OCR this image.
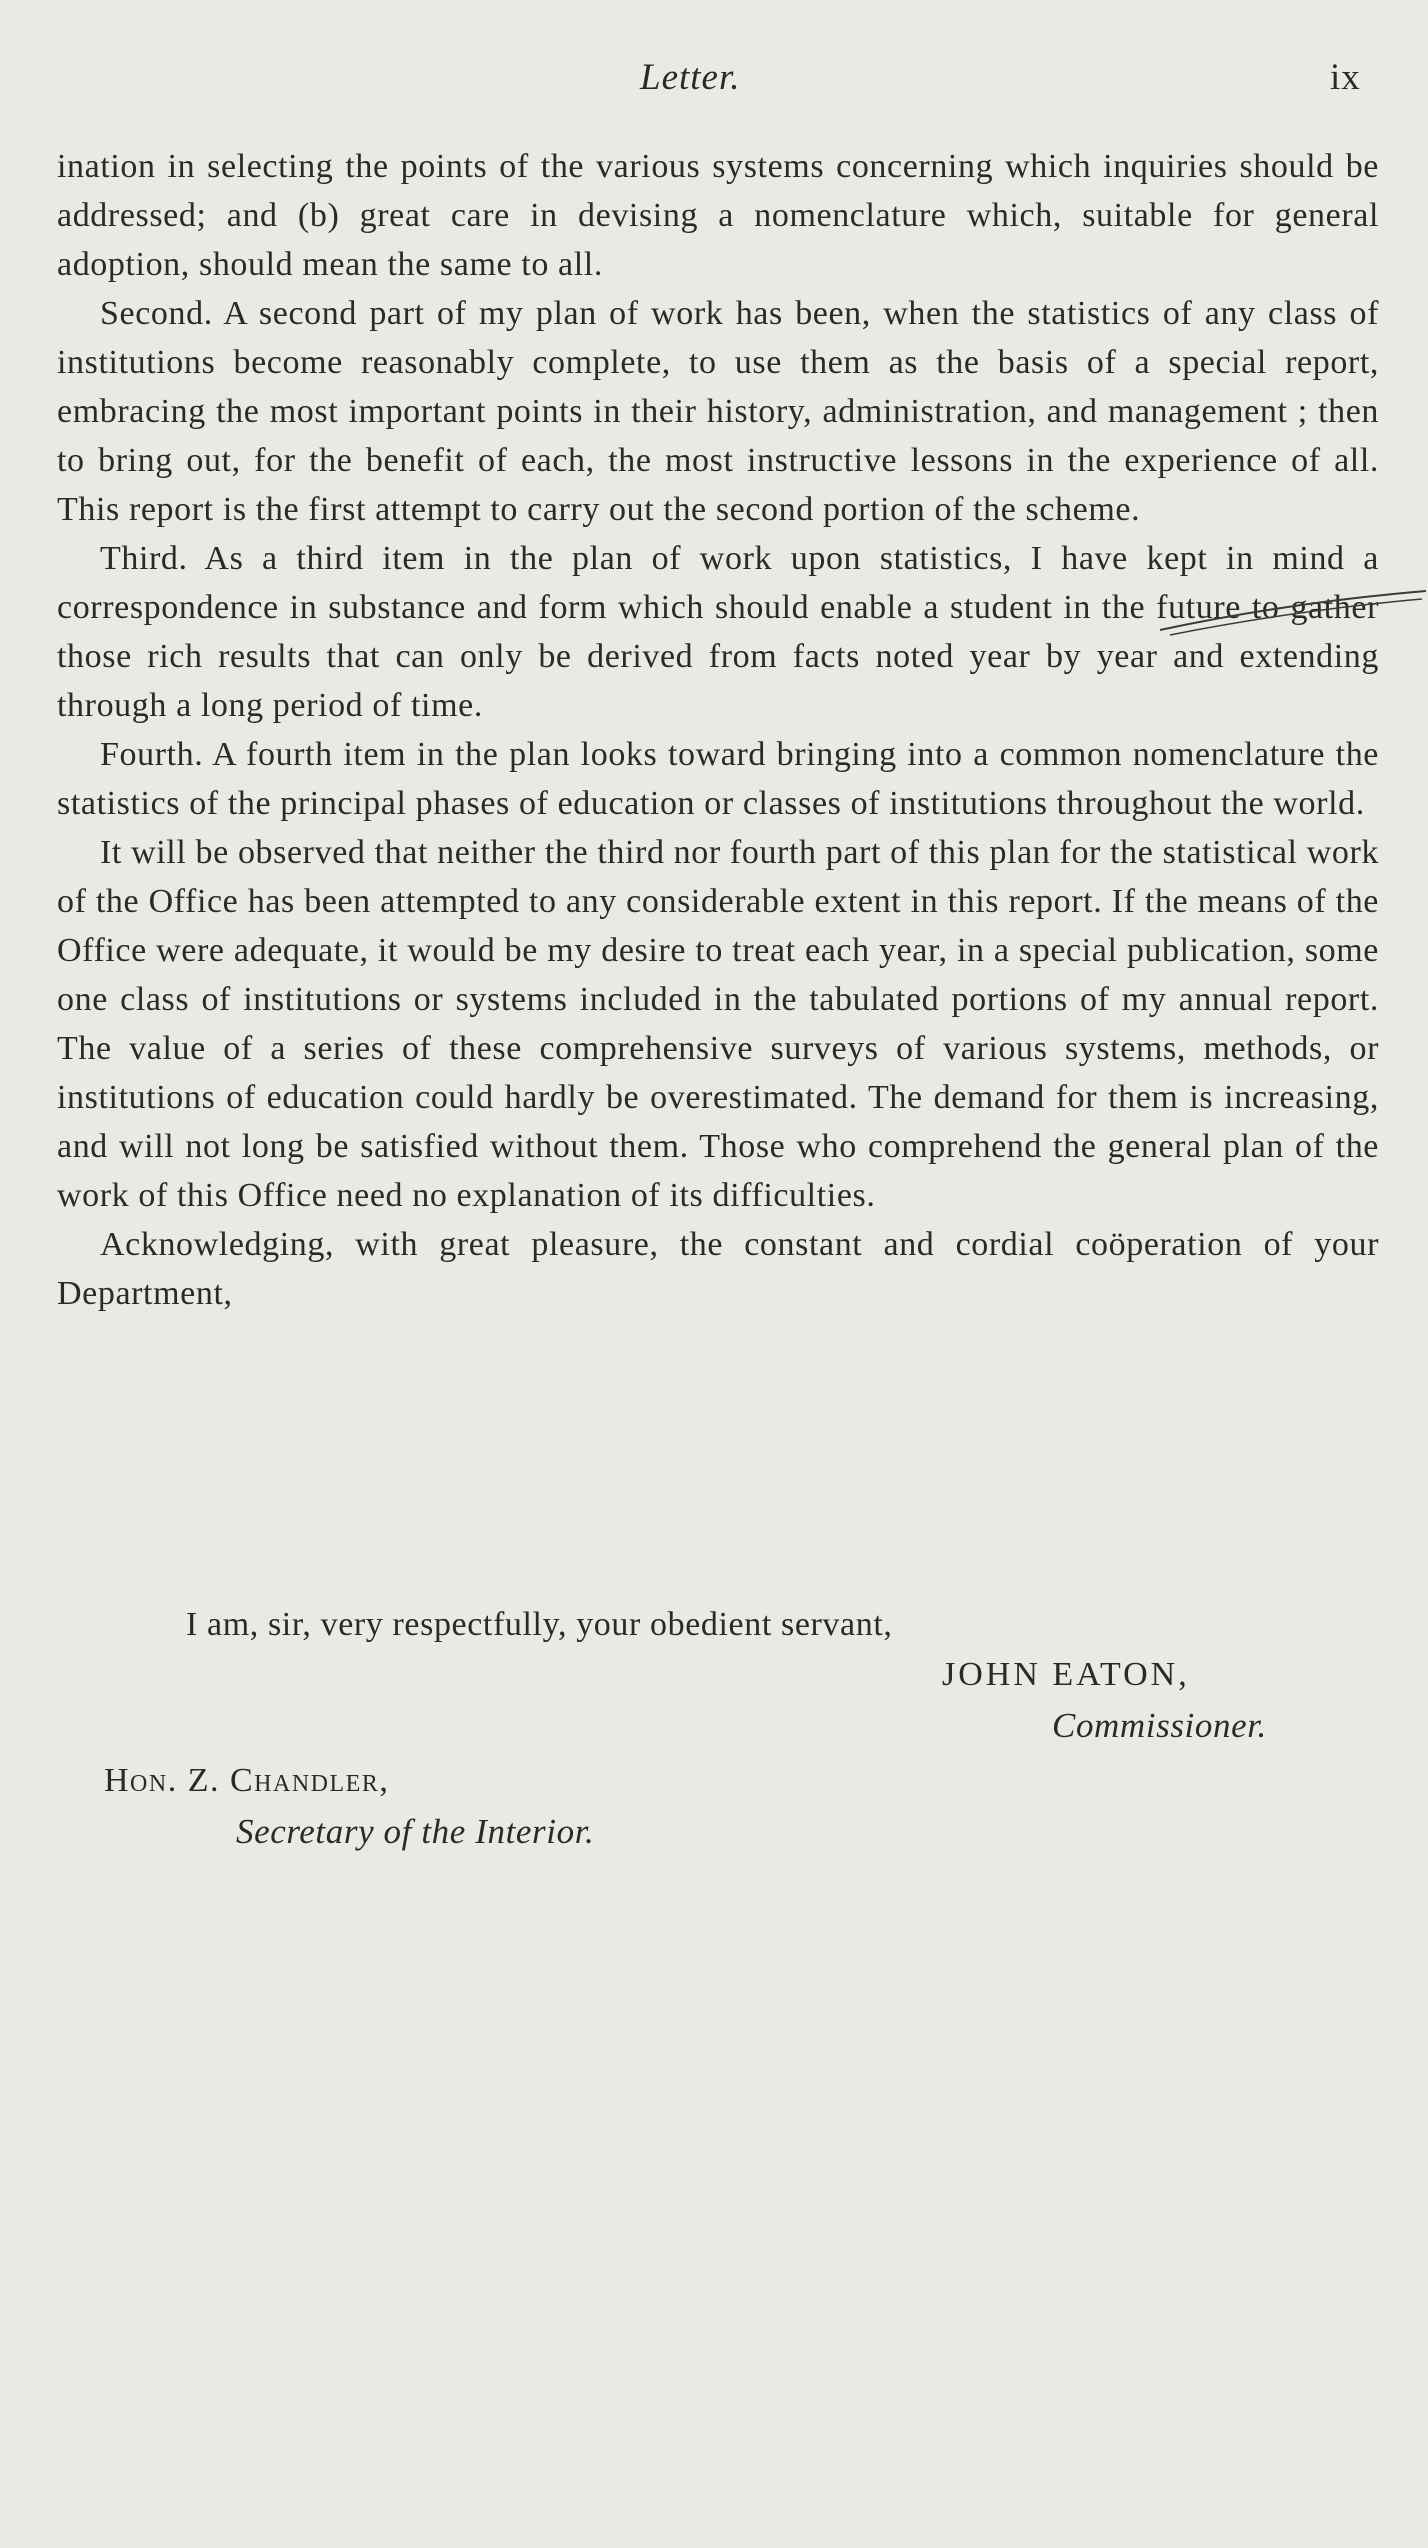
Letter.	ix

ination in selecting the points of the various systems concerning which inquiries should be addressed; and (b) great care in devising a nomenclature which, suitable for general adoption, should mean the same to all.

Second. A second part of my plan of work has been, when the statistics of any class of institutions become reasonably complete, to use them as the basis of a special report, embracing the most important points in their history, administration, and management ; then to bring out, for the benefit of each, the most instructive lessons in the experience of all. This report is the first attempt to carry out the second portion of the scheme.

Third. As a third item in the plan of work upon statistics, I have kept in mind a correspondence in substance and form which should enable a student in the future to gather those rich results that can only be derived from facts noted year by year and extending through a long period of time.

Fourth. A fourth item in the plan looks toward bringing into a common nomenclature the statistics of the principal phases of education or classes of institutions throughout the world.

It will be observed that neither the third nor fourth part of this plan for the statistical work of the Office has been attempted to any considerable extent in this report. If the means of the Office were adequate, it would be my desire to treat each year, in a special publication, some one class of institutions or systems included in the tabulated portions of my annual report. The value of a series of these comprehensive surveys of various systems, methods, or institutions of education could hardly be overestimated. The demand for them is increasing, and will not long be satisfied without them. Those who comprehend the general plan of the work of this Office need no explanation of its difficulties.

Acknowledging, with great pleasure, the constant and cordial coöperation of your Department,

I am, sir, very respectfully, your obedient servant,
JOHN EATON,
Commissioner.
Hon. Z. Chandler,
Secretary of the Interior.
